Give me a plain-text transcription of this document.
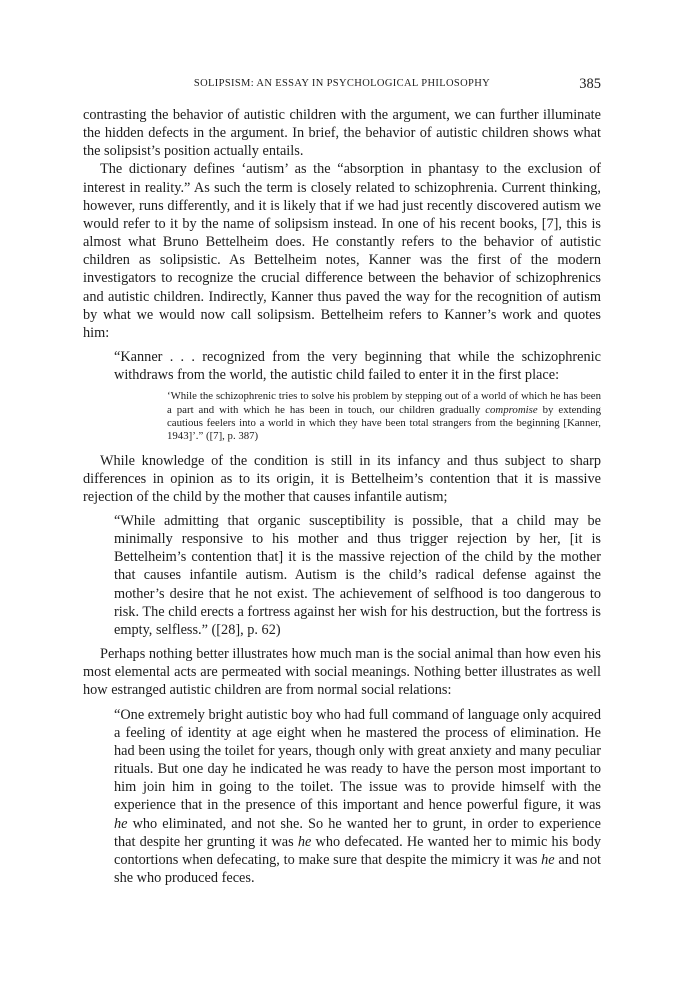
SOLIPSISM: AN ESSAY IN PSYCHOLOGICAL PHILOSOPHY	385

contrasting the behavior of autistic children with the argument, we can further illuminate the hidden defects in the argument. In brief, the behavior of autistic children shows what the solipsist’s position actually entails.

The dictionary defines ‘autism’ as the “absorption in phantasy to the exclusion of interest in reality.” As such the term is closely related to schizophrenia. Current thinking, however, runs differently, and it is likely that if we had just recently discovered autism we would refer to it by the name of solipsism instead. In one of his recent books, [7], this is almost what Bruno Bettelheim does. He constantly refers to the behavior of autistic children as solipsistic. As Bettelheim notes, Kanner was the first of the modern investigators to recognize the crucial difference between the behavior of schizophrenics and autistic children. Indirectly, Kanner thus paved the way for the recognition of autism by what we would now call solipsism. Bettelheim refers to Kanner’s work and quotes him:

“Kanner . . . recognized from the very beginning that while the schizophrenic withdraws from the world, the autistic child failed to enter it in the first place:

‘While the schizophrenic tries to solve his problem by stepping out of a world of which he has been a part and with which he has been in touch, our children gradually compromise by extending cautious feelers into a world in which they have been total strangers from the beginning [Kanner, 1943]’.” ([7], p. 387)

While knowledge of the condition is still in its infancy and thus subject to sharp differences in opinion as to its origin, it is Bettelheim’s contention that it is massive rejection of the child by the mother that causes infantile autism;

“While admitting that organic susceptibility is possible, that a child may be minimally responsive to his mother and thus trigger rejection by her, [it is Bettelheim’s contention that] it is the massive rejection of the child by the mother that causes infantile autism. Autism is the child’s radical defense against the mother’s desire that he not exist. The achievement of selfhood is too dangerous to risk. The child erects a fortress against her wish for his destruction, but the fortress is empty, selfless.” ([28], p. 62)

Perhaps nothing better illustrates how much man is the social animal than how even his most elemental acts are permeated with social meanings. Nothing better illustrates as well how estranged autistic children are from normal social relations:

“One extremely bright autistic boy who had full command of language only acquired a feeling of identity at age eight when he mastered the process of elimination. He had been using the toilet for years, though only with great anxiety and many peculiar rituals. But one day he indicated he was ready to have the person most important to him join him in going to the toilet. The issue was to provide himself with the experience that in the presence of this important and hence powerful figure, it was he who eliminated, and not she. So he wanted her to grunt, in order to experience that despite her grunting it was he who defecated. He wanted her to mimic his body contortions when defecating, to make sure that despite the mimicry it was he and not she who produced feces.
